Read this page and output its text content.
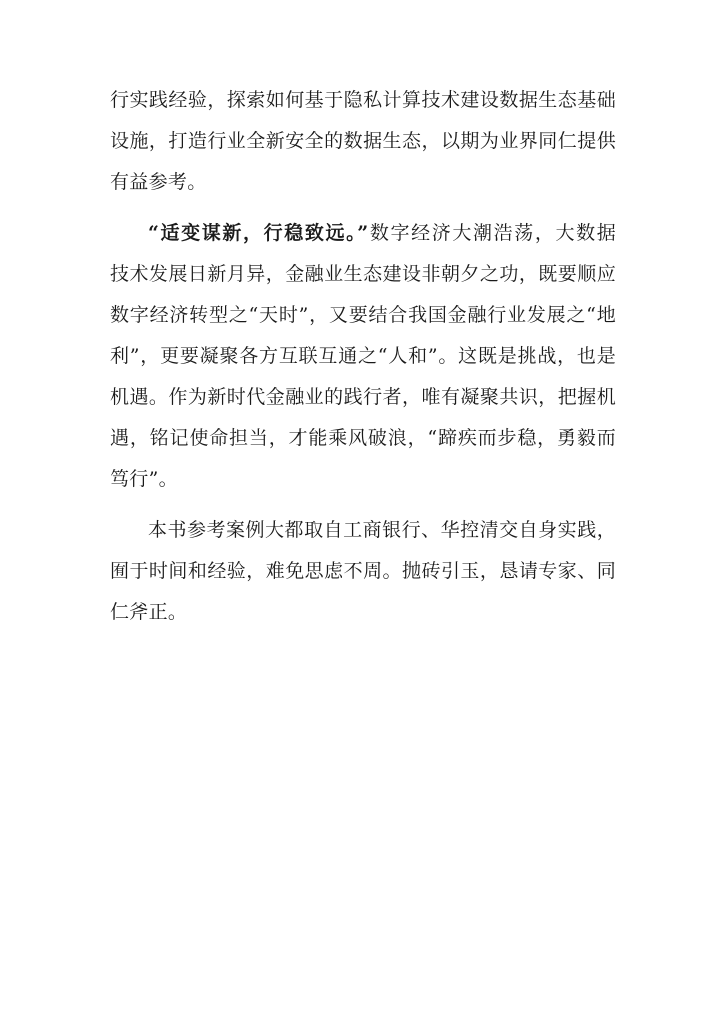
行实践经验，探索如何基于隐私计算技术建设数据生态基础
设施，打造行业全新安全的数据生态，以期为业界同仁提供
有益参考。
“适变谋新，行稳致远。”数字经济大潮浩荡，大数据
技术发展日新月异，金融业生态建设非朝夕之功，既要顺应
数字经济转型之“天时”，又要结合我国金融行业发展之“地
利”，更要凝聚各方互联互通之“人和”。这既是挑战，也是
机遇。作为新时代金融业的践行者，唯有凝聚共识，把握机
遇，铭记使命担当，才能乘风破浪，“蹄疾而步稳，勇毅而
笃行”。
本书参考案例大都取自工商银行、华控清交自身实践，
囿于时间和经验，难免思虑不周。抛砖引玉，恳请专家、同
仁斧正。
